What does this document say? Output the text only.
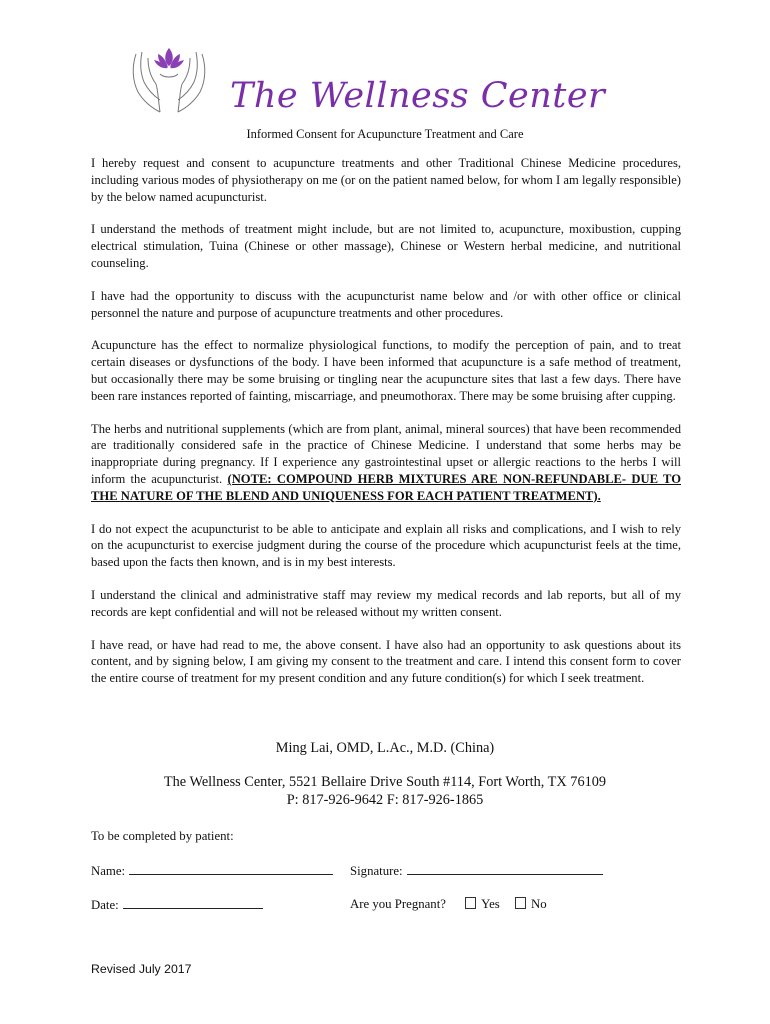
The Wellness Center
Informed Consent for Acupuncture Treatment and Care

I hereby request and consent to acupuncture treatments and other Traditional Chinese Medicine procedures, including various modes of physiotherapy on me (or on the patient named below, for whom I am legally responsible) by the below named acupuncturist.

I understand the methods of treatment might include, but are not limited to, acupuncture, moxibustion, cupping electrical stimulation, Tuina (Chinese or other massage), Chinese or Western herbal medicine, and nutritional counseling.

I have had the opportunity to discuss with the acupuncturist name below and /or with other office or clinical personnel the nature and purpose of acupuncture treatments and other procedures.

Acupuncture has the effect to normalize physiological functions, to modify the perception of pain, and to treat certain diseases or dysfunctions of the body. I have been informed that acupuncture is a safe method of treatment, but occasionally there may be some bruising or tingling near the acupuncture sites that last a few days. There have been rare instances reported of fainting, miscarriage, and pneumothorax. There may be some bruising after cupping.

The herbs and nutritional supplements (which are from plant, animal, mineral sources) that have been recommended are traditionally considered safe in the practice of Chinese Medicine. I understand that some herbs may be inappropriate during pregnancy. If I experience any gastrointestinal upset or allergic reactions to the herbs I will inform the acupuncturist. (NOTE: COMPOUND HERB MIXTURES ARE NON-REFUNDABLE- DUE TO THE NATURE OF THE BLEND AND UNIQUENESS FOR EACH PATIENT TREATMENT).

I do not expect the acupuncturist to be able to anticipate and explain all risks and complications, and I wish to rely on the acupuncturist to exercise judgment during the course of the procedure which acupuncturist feels at the time, based upon the facts then known, and is in my best interests.

I understand the clinical and administrative staff may review my medical records and lab reports, but all of my records are kept confidential and will not be released without my written consent.

I have read, or have had read to me, the above consent. I have also had an opportunity to ask questions about its content, and by signing below, I am giving my consent to the treatment and care. I intend this consent form to cover the entire course of treatment for my present condition and any future condition(s) for which I seek treatment.

Ming Lai, OMD, L.Ac., M.D. (China)
The Wellness Center, 5521 Bellaire Drive South #114, Fort Worth, TX 76109
P: 817-926-9642 F: 817-926-1865
To be completed by patient:
Name:	Signature:
Date:	Are you Pregnant?	Yes No
Revised July 2017
